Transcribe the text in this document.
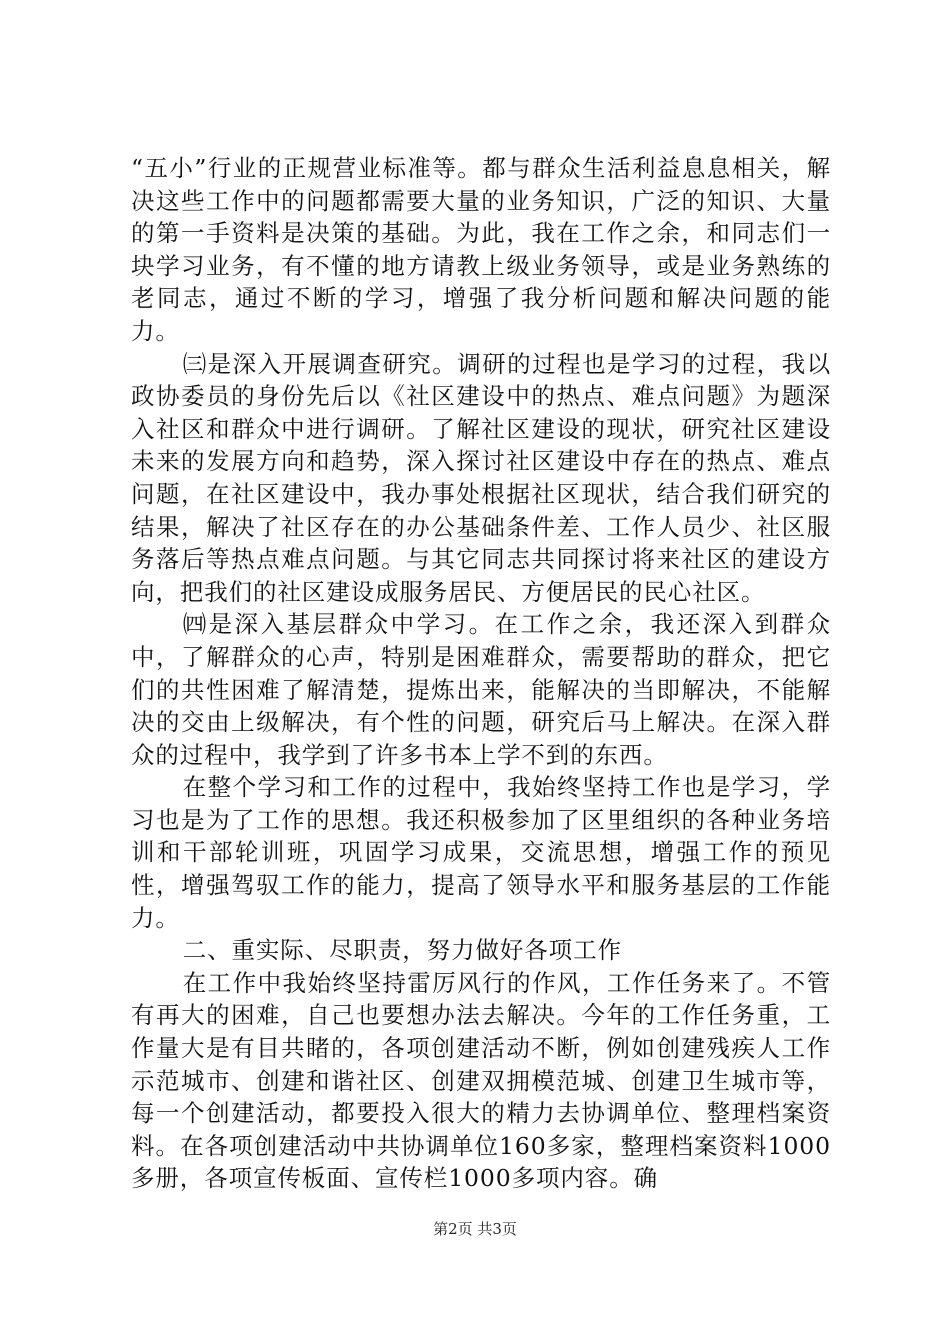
“五小”行业的正规营业标准等。都与群众生活利益息息相关，解决这些工作中的问题都需要大量的业务知识，广泛的知识、大量的第一手资料是决策的基础。为此，我在工作之余，和同志们一块学习业务，有不懂的地方请教上级业务领导，或是业务熟练的老同志，通过不断的学习，增强了我分析问题和解决问题的能力。

㈢是深入开展调查研究。调研的过程也是学习的过程，我以政协委员的身份先后以《社区建设中的热点、难点问题》为题深入社区和群众中进行调研。了解社区建设的现状，研究社区建设未来的发展方向和趋势，深入探讨社区建设中存在的热点、难点问题，在社区建设中，我办事处根据社区现状，结合我们研究的结果，解决了社区存在的办公基础条件差、工作人员少、社区服务落后等热点难点问题。与其它同志共同探讨将来社区的建设方向，把我们的社区建设成服务居民、方便居民的民心社区。

㈣是深入基层群众中学习。在工作之余，我还深入到群众中，了解群众的心声，特别是困难群众，需要帮助的群众，把它们的共性困难了解清楚，提炼出来，能解决的当即解决，不能解决的交由上级解决，有个性的问题，研究后马上解决。在深入群众的过程中，我学到了许多书本上学不到的东西。

在整个学习和工作的过程中，我始终坚持工作也是学习，学习也是为了工作的思想。我还积极参加了区里组织的各种业务培训和干部轮训班，巩固学习成果，交流思想，增强工作的预见性，增强驾驭工作的能力，提高了领导水平和服务基层的工作能力。

二、重实际、尽职责，努力做好各项工作

在工作中我始终坚持雷厉风行的作风，工作任务来了。不管有再大的困难，自己也要想办法去解决。今年的工作任务重，工作量大是有目共睹的，各项创建活动不断，例如创建残疾人工作示范城市、创建和谐社区、创建双拥模范城、创建卫生城市等，每一个创建活动，都要投入很大的精力去协调单位、整理档案资料。在各项创建活动中共协调单位160多家，整理档案资料1000多册，各项宣传板面、宣传栏1000多项内容。确

第2页 共3页
